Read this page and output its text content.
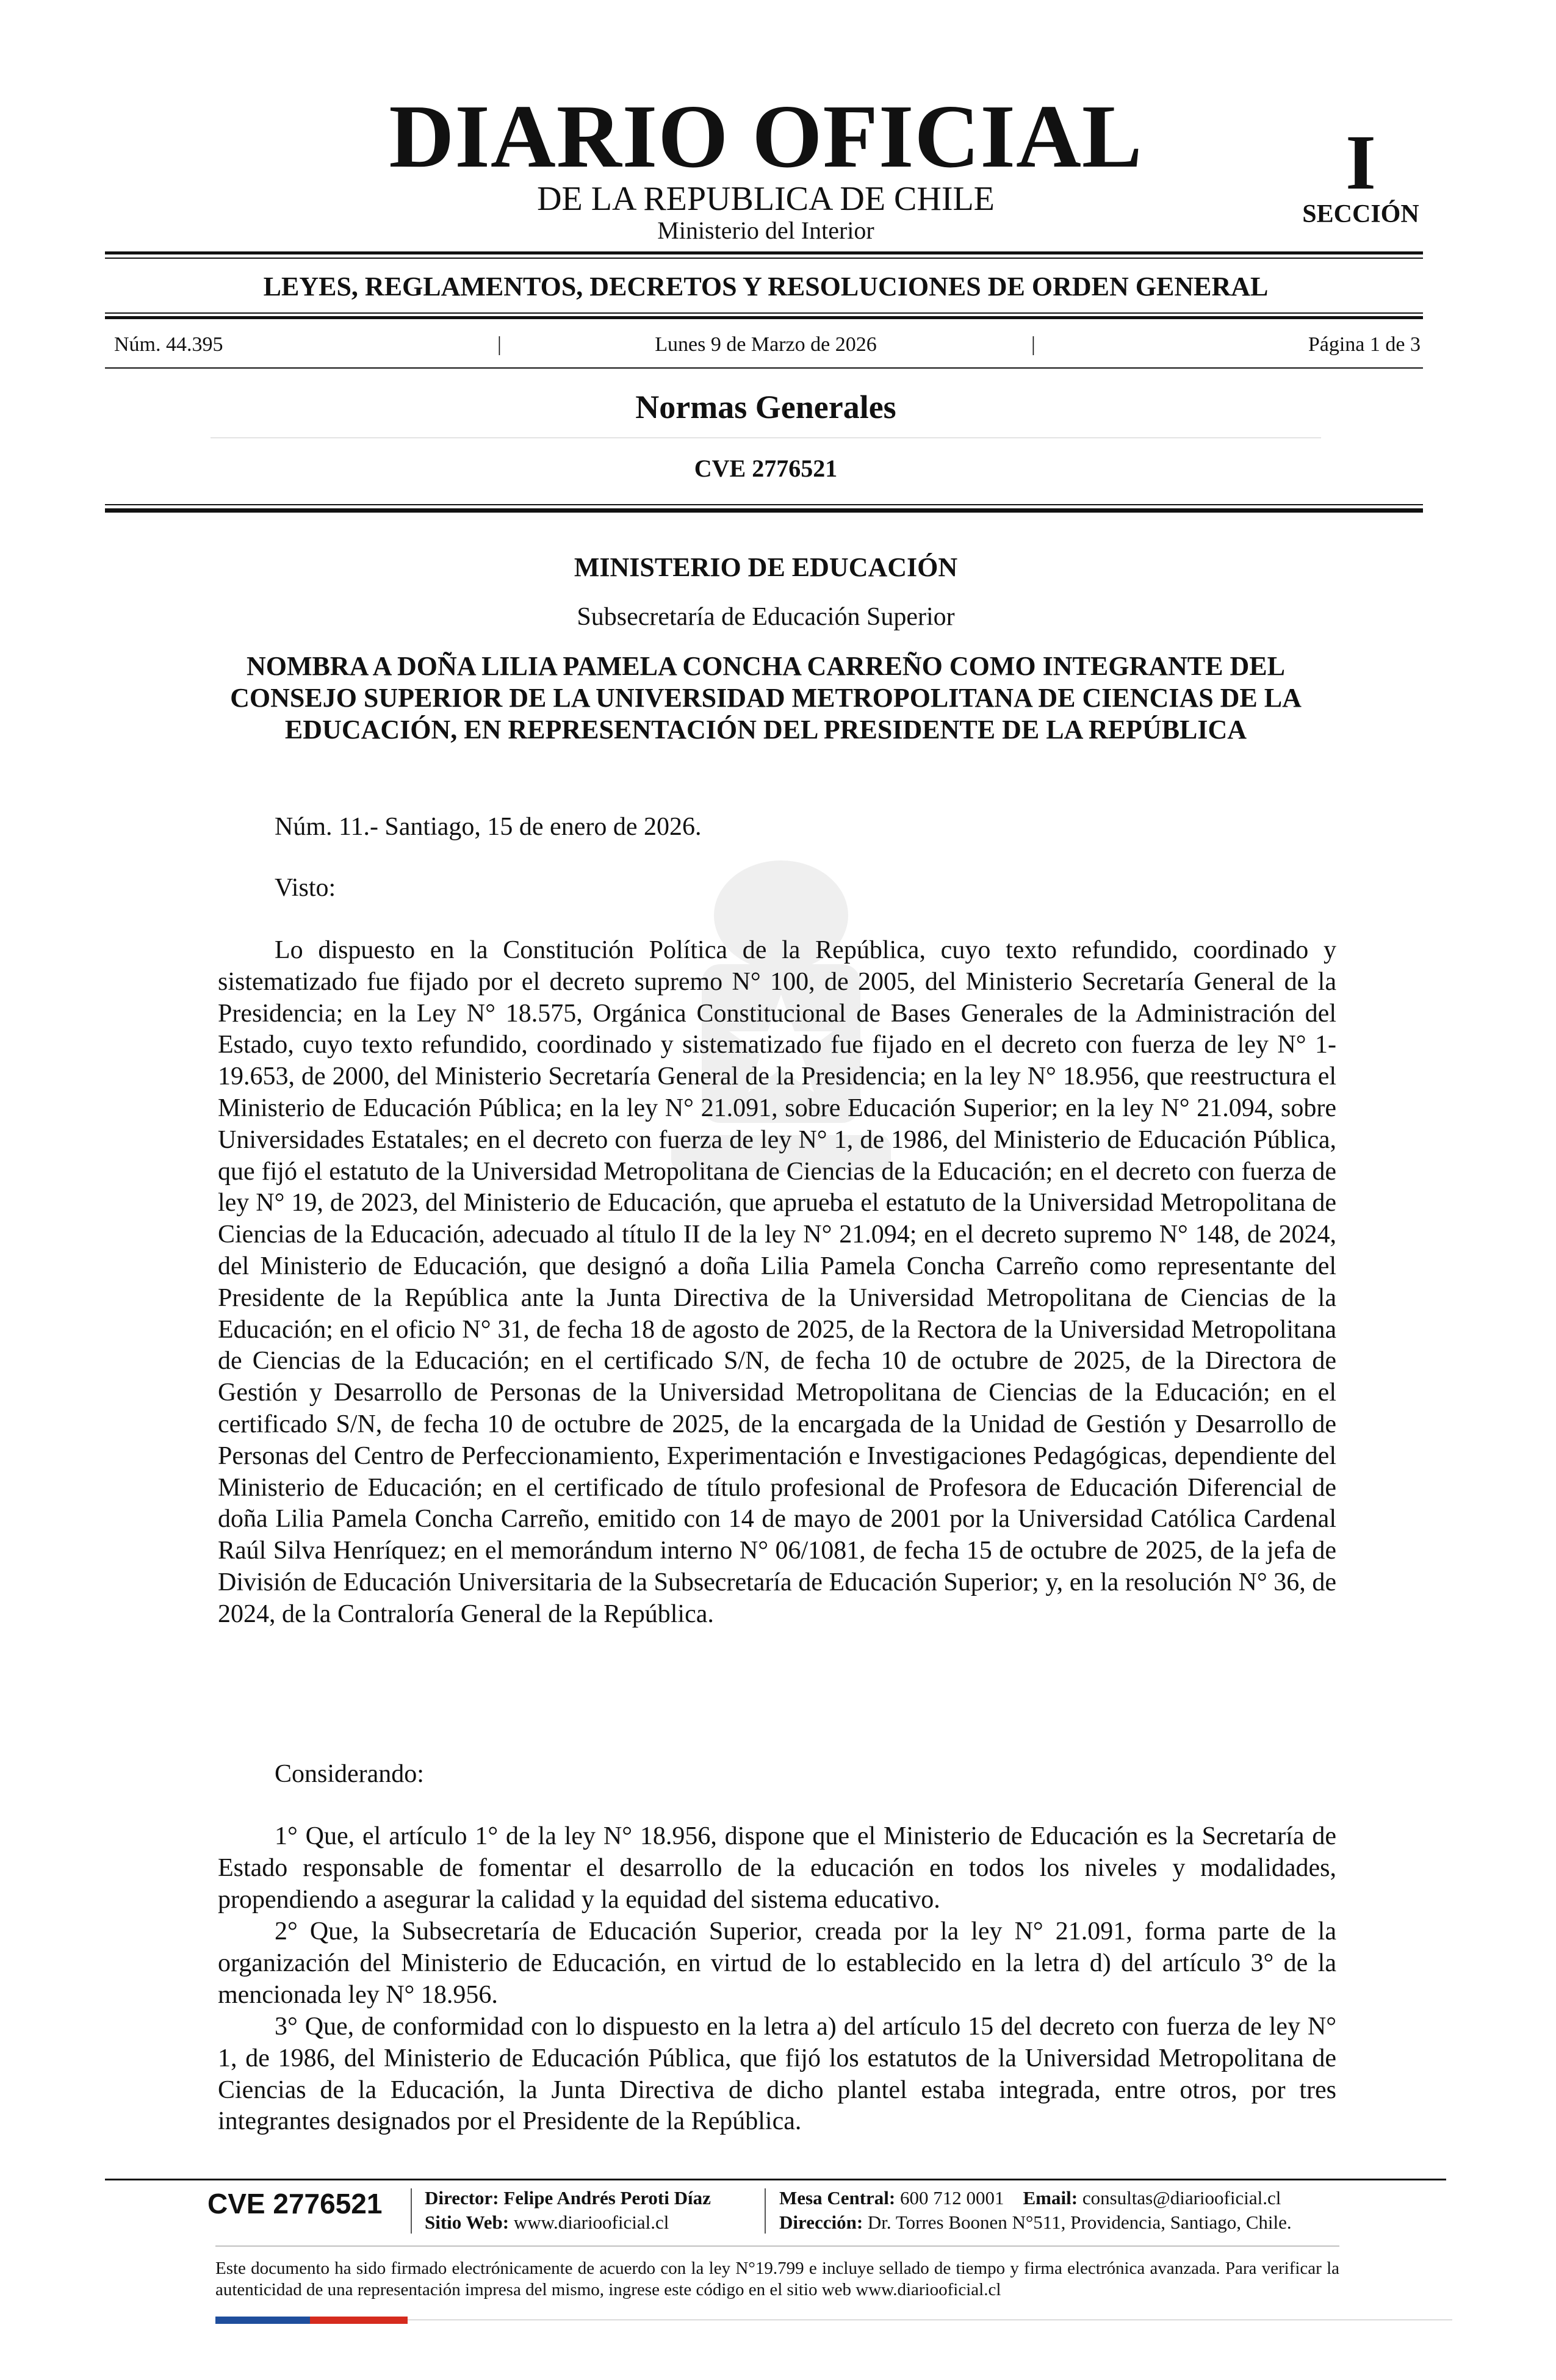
DIARIO OFICIAL
DE LA REPUBLICA DE CHILE
Ministerio del Interior
I
SECCIÓN
LEYES, REGLAMENTOS, DECRETOS Y RESOLUCIONES DE ORDEN GENERAL
Núm. 44.395	|	Lunes 9 de Marzo de 2026	|	Página 1 de 3
Normas Generales
CVE 2776521
MINISTERIO DE EDUCACIÓN
Subsecretaría de Educación Superior
NOMBRA A DOÑA LILIA PAMELA CONCHA CARREÑO COMO INTEGRANTE DEL CONSEJO SUPERIOR DE LA UNIVERSIDAD METROPOLITANA DE CIENCIAS DE LA EDUCACIÓN, EN REPRESENTACIÓN DEL PRESIDENTE DE LA REPÚBLICA
Núm. 11.- Santiago, 15 de enero de 2026.
Visto:
Lo dispuesto en la Constitución Política de la República, cuyo texto refundido, coordinado y sistematizado fue fijado por el decreto supremo N° 100, de 2005, del Ministerio Secretaría General de la Presidencia; en la Ley N° 18.575, Orgánica Constitucional de Bases Generales de la Administración del Estado, cuyo texto refundido, coordinado y sistematizado fue fijado en el decreto con fuerza de ley N° 1-19.653, de 2000, del Ministerio Secretaría General de la Presidencia; en la ley N° 18.956, que reestructura el Ministerio de Educación Pública; en la ley N° 21.091, sobre Educación Superior; en la ley N° 21.094, sobre Universidades Estatales; en el decreto con fuerza de ley N° 1, de 1986, del Ministerio de Educación Pública, que fijó el estatuto de la Universidad Metropolitana de Ciencias de la Educación; en el decreto con fuerza de ley N° 19, de 2023, del Ministerio de Educación, que aprueba el estatuto de la Universidad Metropolitana de Ciencias de la Educación, adecuado al título II de la ley N° 21.094; en el decreto supremo N° 148, de 2024, del Ministerio de Educación, que designó a doña Lilia Pamela Concha Carreño como representante del Presidente de la República ante la Junta Directiva de la Universidad Metropolitana de Ciencias de la Educación; en el oficio N° 31, de fecha 18 de agosto de 2025, de la Rectora de la Universidad Metropolitana de Ciencias de la Educación; en el certificado S/N, de fecha 10 de octubre de 2025, de la Directora de Gestión y Desarrollo de Personas de la Universidad Metropolitana de Ciencias de la Educación; en el certificado S/N, de fecha 10 de octubre de 2025, de la encargada de la Unidad de Gestión y Desarrollo de Personas del Centro de Perfeccionamiento, Experimentación e Investigaciones Pedagógicas, dependiente del Ministerio de Educación; en el certificado de título profesional de Profesora de Educación Diferencial de doña Lilia Pamela Concha Carreño, emitido con 14 de mayo de 2001 por la Universidad Católica Cardenal Raúl Silva Henríquez; en el memorándum interno N° 06/1081, de fecha 15 de octubre de 2025, de la jefa de División de Educación Universitaria de la Subsecretaría de Educación Superior; y, en la resolución N° 36, de 2024, de la Contraloría General de la República.
Considerando:
1° Que, el artículo 1° de la ley N° 18.956, dispone que el Ministerio de Educación es la Secretaría de Estado responsable de fomentar el desarrollo de la educación en todos los niveles y modalidades, propendiendo a asegurar la calidad y la equidad del sistema educativo.
2° Que, la Subsecretaría de Educación Superior, creada por la ley N° 21.091, forma parte de la organización del Ministerio de Educación, en virtud de lo establecido en la letra d) del artículo 3° de la mencionada ley N° 18.956.
3° Que, de conformidad con lo dispuesto en la letra a) del artículo 15 del decreto con fuerza de ley N° 1, de 1986, del Ministerio de Educación Pública, que fijó los estatutos de la Universidad Metropolitana de Ciencias de la Educación, la Junta Directiva de dicho plantel estaba integrada, entre otros, por tres integrantes designados por el Presidente de la República.
CVE 2776521 Director: Felipe Andrés Peroti Díaz
Sitio Web: www.diariooficial.cl
Mesa Central: 600 712 0001 Email: consultas@diariooficial.cl
Dirección: Dr. Torres Boonen N°511, Providencia, Santiago, Chile.
Este documento ha sido firmado electrónicamente de acuerdo con la ley N°19.799 e incluye sellado de tiempo y firma electrónica avanzada. Para verificar la autenticidad de una representación impresa del mismo, ingrese este código en el sitio web www.diariooficial.cl
